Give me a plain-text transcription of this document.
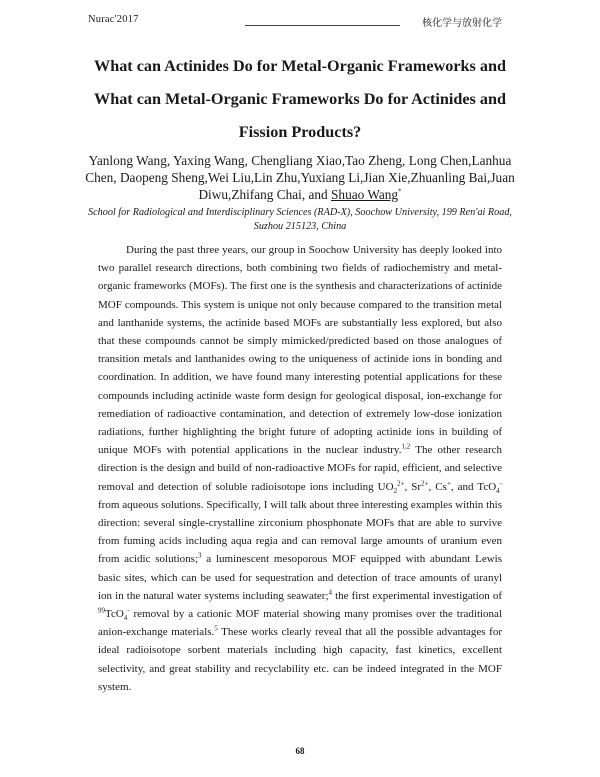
Nurac'2017	核化学与放射化学
What can Actinides Do for Metal-Organic Frameworks and What can Metal-Organic Frameworks Do for Actinides and Fission Products?
Yanlong Wang, Yaxing Wang, Chengliang Xiao,Tao Zheng, Long Chen,Lanhua Chen, Daopeng Sheng,Wei Liu,Lin Zhu,Yuxiang Li,Jian Xie,Zhuanling Bai,Juan Diwu,Zhifang Chai, and Shuao Wang*
School for Radiological and Interdisciplinary Sciences (RAD-X), Soochow University, 199 Ren'ai Road, Suzhou 215123, China

During the past three years, our group in Soochow University has deeply looked into two parallel research directions, both combining two fields of radiochemistry and metal-organic frameworks (MOFs). The first one is the synthesis and characterizations of actinide MOF compounds. This system is unique not only because compared to the transition metal and lanthanide systems, the actinide based MOFs are substantially less explored, but also that these compounds cannot be simply mimicked/predicted based on those analogues of transition metals and lanthanides owing to the uniqueness of actinide ions in bonding and coordination. In addition, we have found many interesting potential applications for these compounds including actinide waste form design for geological disposal, ion-exchange for remediation of radioactive contamination, and detection of extremely low-dose ionization radiations, further highlighting the bright future of adopting actinide ions in building of unique MOFs with potential applications in the nuclear industry.$^{1,2}$ The other research direction is the design and build of non-radioactive MOFs for rapid, efficient, and selective removal and detection of soluble radioisotope ions including $UO_2^{2+}$, $Sr^{2+}$, Cs+, and TcO$_4$- from aqueous solutions. Specifically, I will talk about three interesting examples within this direction: several single-crystalline zirconium phosphonate MOFs that are able to survive from fuming acids including aqua regia and can removal large amounts of uranium even from acidic solutions;$^3$ a luminescent mesoporous MOF equipped with abundant Lewis basic sites, which can be used for sequestration and detection of trace amounts of uranyl ion in the natural water systems including seawater;$^4$ the first experimental investigation of $^{99}$TcO$_4$- removal by a cationic MOF material showing many promises over the traditional anion-exchange materials.$^5$ These works clearly reveal that all the possible advantages for ideal radioisotope sorbent materials including high capacity, fast kinetics, excellent selectivity, and great stability and recyclability etc. can be indeed integrated in the MOF system.

68
